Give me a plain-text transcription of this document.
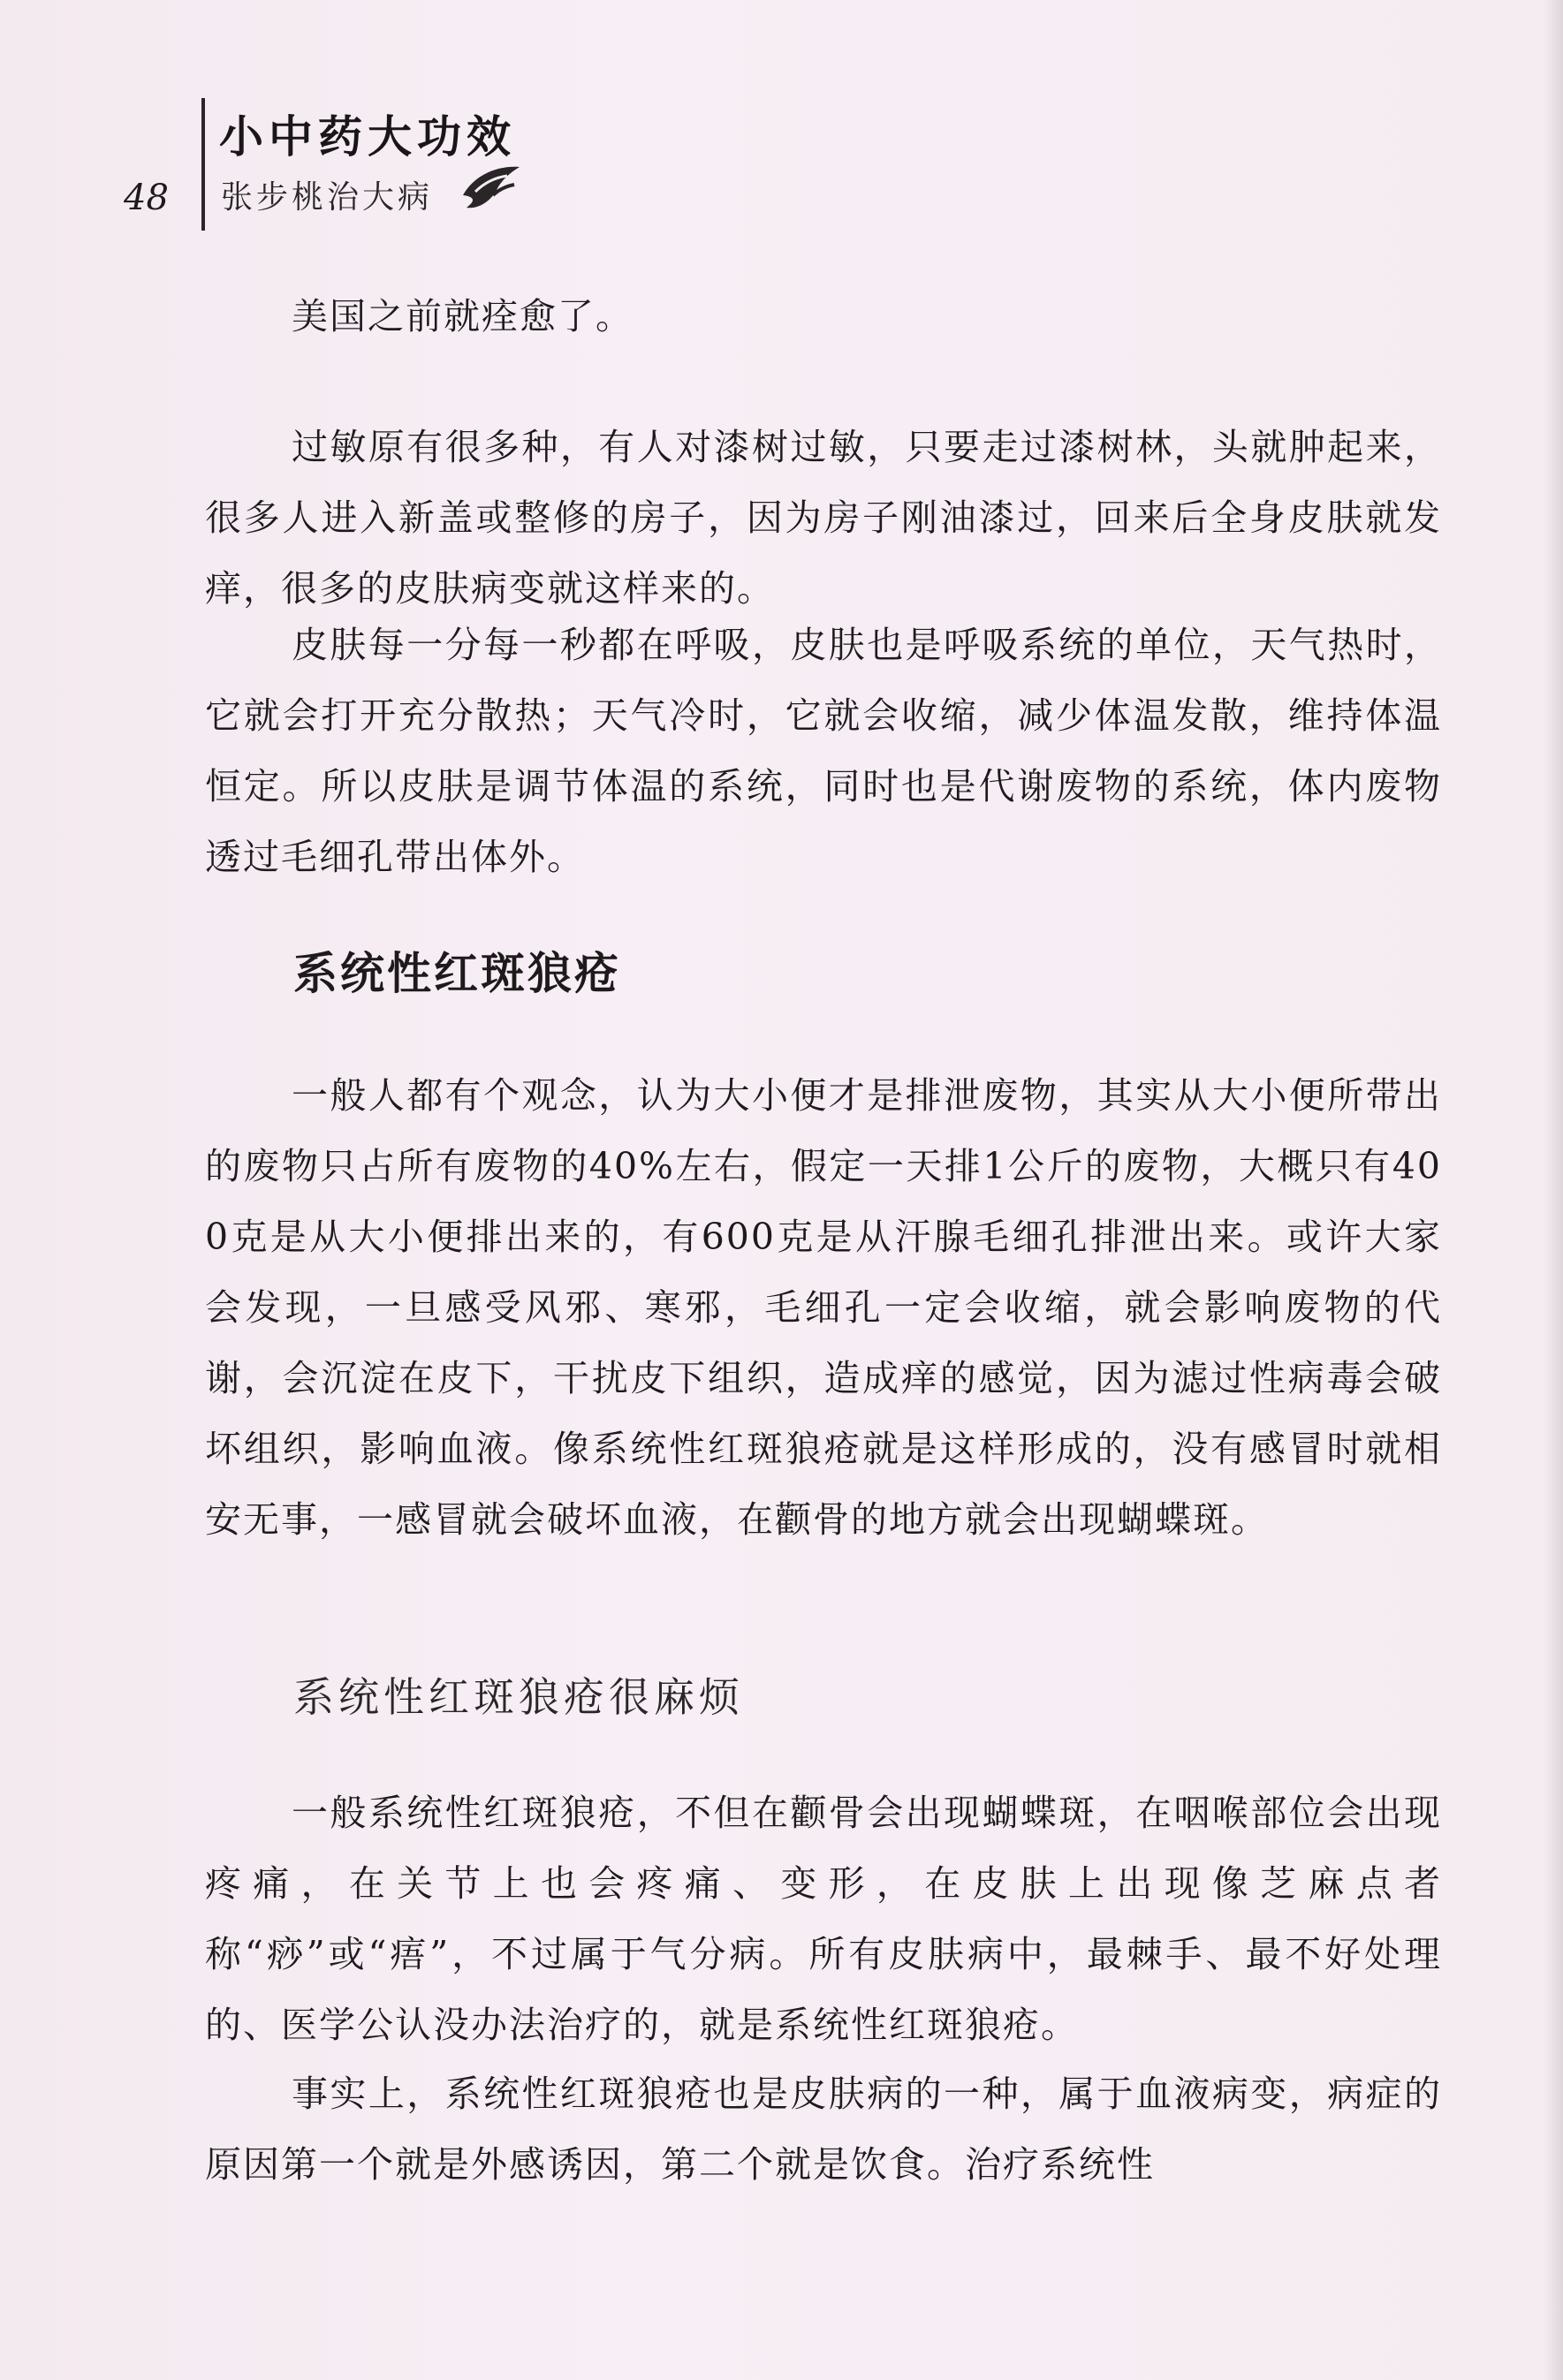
48
小中药大功效
张步桃治大病
美国之前就痊愈了。
过敏原有很多种，有人对漆树过敏，只要走过漆树林，头就肿起来，很多人进入新盖或整修的房子，因为房子刚油漆过，回来后全身皮肤就发痒，很多的皮肤病变就这样来的。
皮肤每一分每一秒都在呼吸，皮肤也是呼吸系统的单位，天气热时，它就会打开充分散热；天气冷时，它就会收缩，减少体温发散，维持体温恒定。所以皮肤是调节体温的系统，同时也是代谢废物的系统，体内废物透过毛细孔带出体外。
系统性红斑狼疮
一般人都有个观念，认为大小便才是排泄废物，其实从大小便所带出的废物只占所有废物的40%左右，假定一天排1公斤的废物，大概只有400克是从大小便排出来的，有600克是从汗腺毛细孔排泄出来。或许大家会发现，一旦感受风邪、寒邪，毛细孔一定会收缩，就会影响废物的代谢，会沉淀在皮下，干扰皮下组织，造成痒的感觉，因为滤过性病毒会破坏组织，影响血液。像系统性红斑狼疮就是这样形成的，没有感冒时就相安无事，一感冒就会破坏血液，在颧骨的地方就会出现蝴蝶斑。
系统性红斑狼疮很麻烦
一般系统性红斑狼疮，不但在颧骨会出现蝴蝶斑，在咽喉部位会出现疼痛，在关节上也会疼痛、变形，在皮肤上出现像芝麻点者称“痧”或“痦”，不过属于气分病。所有皮肤病中，最棘手、最不好处理的、医学公认没办法治疗的，就是系统性红斑狼疮。
事实上，系统性红斑狼疮也是皮肤病的一种，属于血液病变，病症的原因第一个就是外感诱因，第二个就是饮食。治疗系统性
